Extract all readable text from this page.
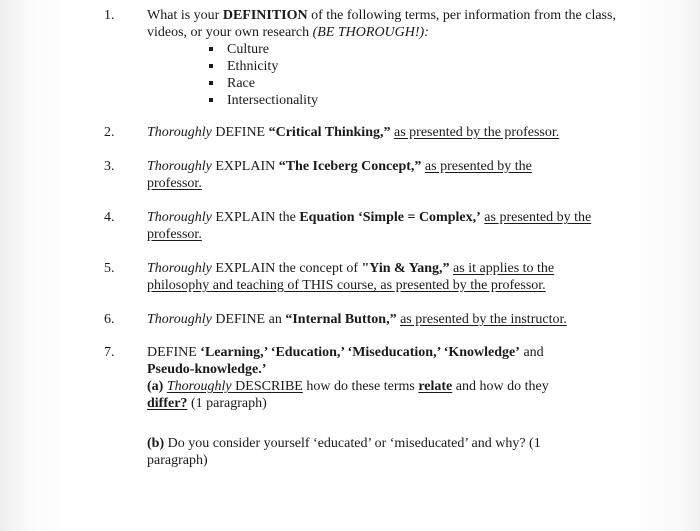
1. What is your DEFINITION of the following terms, per information from the class, videos, or your own research (BE THOROUGH!):

Culture
Ethnicity
Race
Intersectionality
2. Thoroughly DEFINE “Critical Thinking,” as presented by the professor.

3. Thoroughly EXPLAIN “The Iceberg Concept,” as presented by the professor.

4. Thoroughly EXPLAIN the Equation ‘Simple = Complex,’ as presented by the professor.

5. Thoroughly EXPLAIN the concept of "Yin & Yang,” as it applies to the philosophy and teaching of THIS course, as presented by the professor.

6. Thoroughly DEFINE an “Internal Button,” as presented by the instructor.

7. DEFINE ‘Learning,’ ‘Education,’ ‘Miseducation,’ ‘Knowledge’ and Pseudo-knowledge.’

(a) Thoroughly DESCRIBE how do these terms relate and how do they differ? (1 paragraph)

(b) Do you consider yourself ‘educated’ or ‘miseducated’ and why? (1 paragraph)
